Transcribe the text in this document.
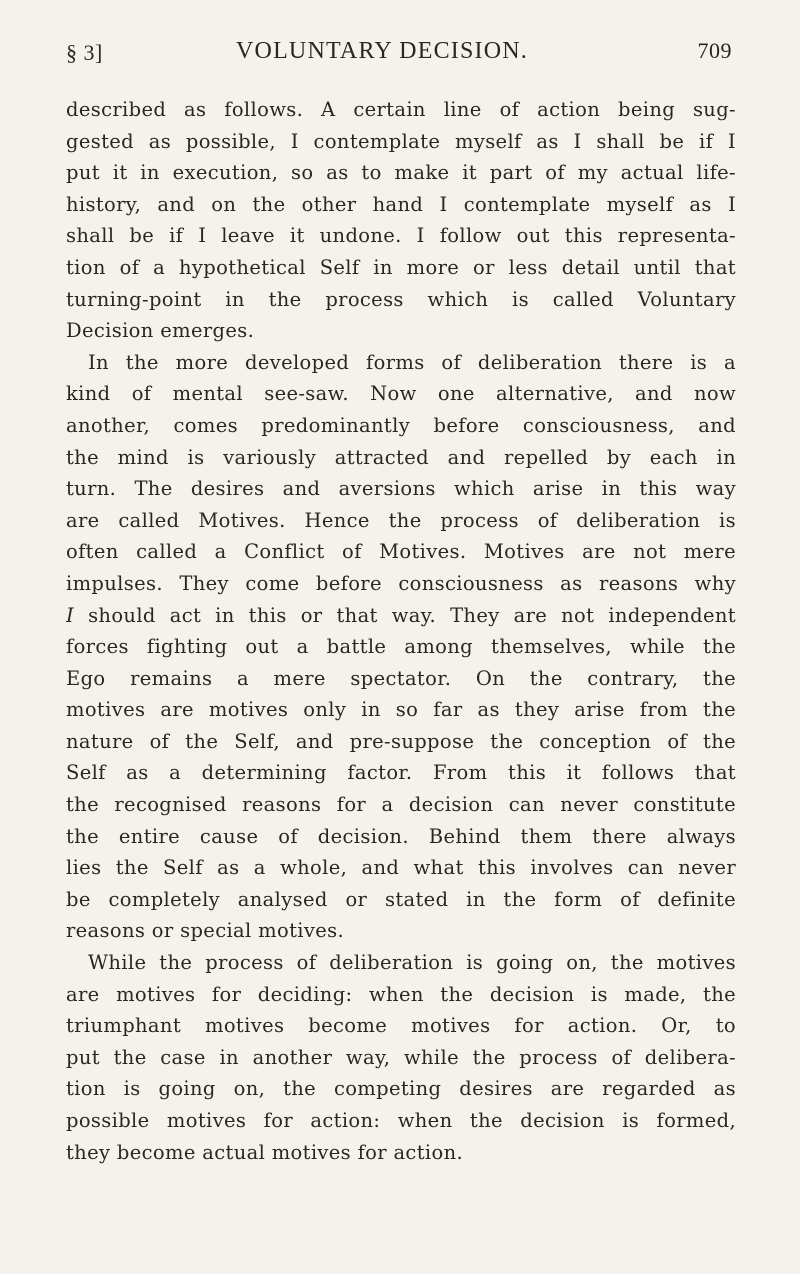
§ 3]	VOLUNTARY DECISION.	709
described as follows. A certain line of action being sug-
gested as possible, I contemplate myself as I shall be if I
put it in execution, so as to make it part of my actual life-
history, and on the other hand I contemplate myself as I
shall be if I leave it undone. I follow out this representa-
tion of a hypothetical Self in more or less detail until that
turning-point in the process which is called Voluntary
Decision emerges.
In the more developed forms of deliberation there is a
kind of mental see-saw. Now one alternative, and now
another, comes predominantly before consciousness, and
the mind is variously attracted and repelled by each in
turn. The desires and aversions which arise in this way
are called Motives. Hence the process of deliberation is
often called a Conflict of Motives. Motives are not mere
impulses. They come before consciousness as reasons why
I should act in this or that way. They are not independent
forces fighting out a battle among themselves, while the
Ego remains a mere spectator. On the contrary, the
motives are motives only in so far as they arise from the
nature of the Self, and pre-suppose the conception of the
Self as a determining factor. From this it follows that
the recognised reasons for a decision can never constitute
the entire cause of decision. Behind them there always
lies the Self as a whole, and what this involves can never
be completely analysed or stated in the form of definite
reasons or special motives.
While the process of deliberation is going on, the motives
are motives for deciding: when the decision is made, the
triumphant motives become motives for action. Or, to
put the case in another way, while the process of delibera-
tion is going on, the competing desires are regarded as
possible motives for action: when the decision is formed,
they become actual motives for action.
